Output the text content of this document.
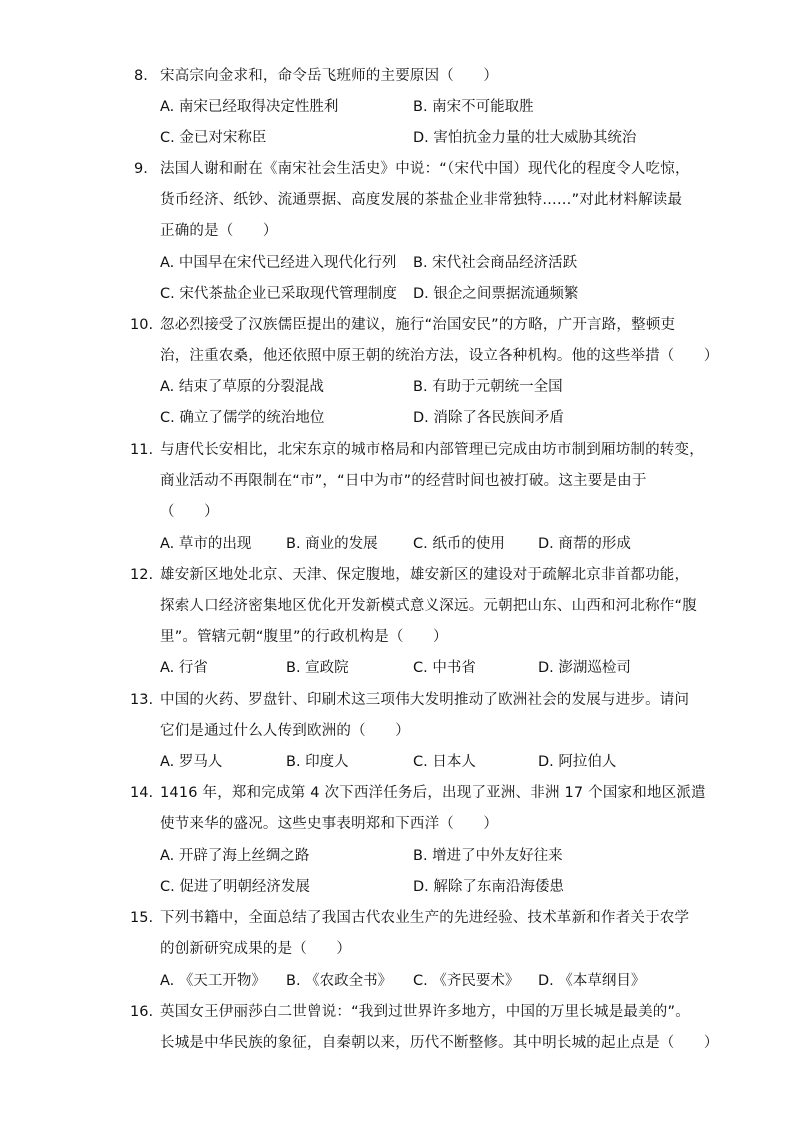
8. 宋高宗向金求和，命令岳飞班师的主要原因（　　）
A. 南宋已经取得决定性胜利	B. 南宋不可能取胜
C. 金已对宋称臣	D. 害怕抗金力量的壮大威胁其统治
9. 法国人谢和耐在《南宋社会生活史》中说：“（宋代中国）现代化的程度令人吃惊，
货币经济、纸钞、流通票据、高度发展的茶盐企业非常独特……”对此材料解读最
正确的是（　　）
A. 中国早在宋代已经进入现代化行列 B. 宋代社会商品经济活跃
C. 宋代茶盐企业已采取现代管理制度 D. 银企之间票据流通频繁
10. 忽必烈接受了汉族儒臣提出的建议，施行“治国安民”的方略，广开言路，整顿吏
治，注重农桑，他还依照中原王朝的统治方法，设立各种机构。他的这些举措（　　）
A. 结束了草原的分裂混战	B. 有助于元朝统一全国
C. 确立了儒学的统治地位	D. 消除了各民族间矛盾
11. 与唐代长安相比，北宋东京的城市格局和内部管理已完成由坊市制到厢坊制的转变，
商业活动不再限制在“市”，“日中为市”的经营时间也被打破。这主要是由于
（　　）
A. 草市的出现 B. 商业的发展 C. 纸币的使用 D. 商帮的形成
12. 雄安新区地处北京、天津、保定腹地，雄安新区的建设对于疏解北京非首都功能，
探索人口经济密集地区优化开发新模式意义深远。元朝把山东、山西和河北称作“腹
里”。管辖元朝“腹里”的行政机构是（　　）
A. 行省	B. 宣政院	C. 中书省	D. 澎湖巡检司
13. 中国的火药、罗盘针、印刷术这三项伟大发明推动了欧洲社会的发展与进步。请问
它们是通过什么人传到欧洲的（　　）
A. 罗马人	B. 印度人	C. 日本人	D. 阿拉伯人
14. 1416 年，郑和完成第 4 次下西洋任务后，出现了亚洲、非洲 17 个国家和地区派遣
使节来华的盛况。这些史事表明郑和下西洋（　　）
A. 开辟了海上丝绸之路	B. 增进了中外友好往来
C. 促进了明朝经济发展	D. 解除了东南沿海倭患
15. 下列书籍中，全面总结了我国古代农业生产的先进经验、技术革新和作者关于农学
的创新研究成果的是（　　）
A. 《天工开物》 B. 《农政全书》 C. 《齐民要术》 D. 《本草纲目》
16. 英国女王伊丽莎白二世曾说：“我到过世界许多地方，中国的万里长城是最美的”。
长城是中华民族的象征，自秦朝以来，历代不断整修。其中明长城的起止点是（　　）
